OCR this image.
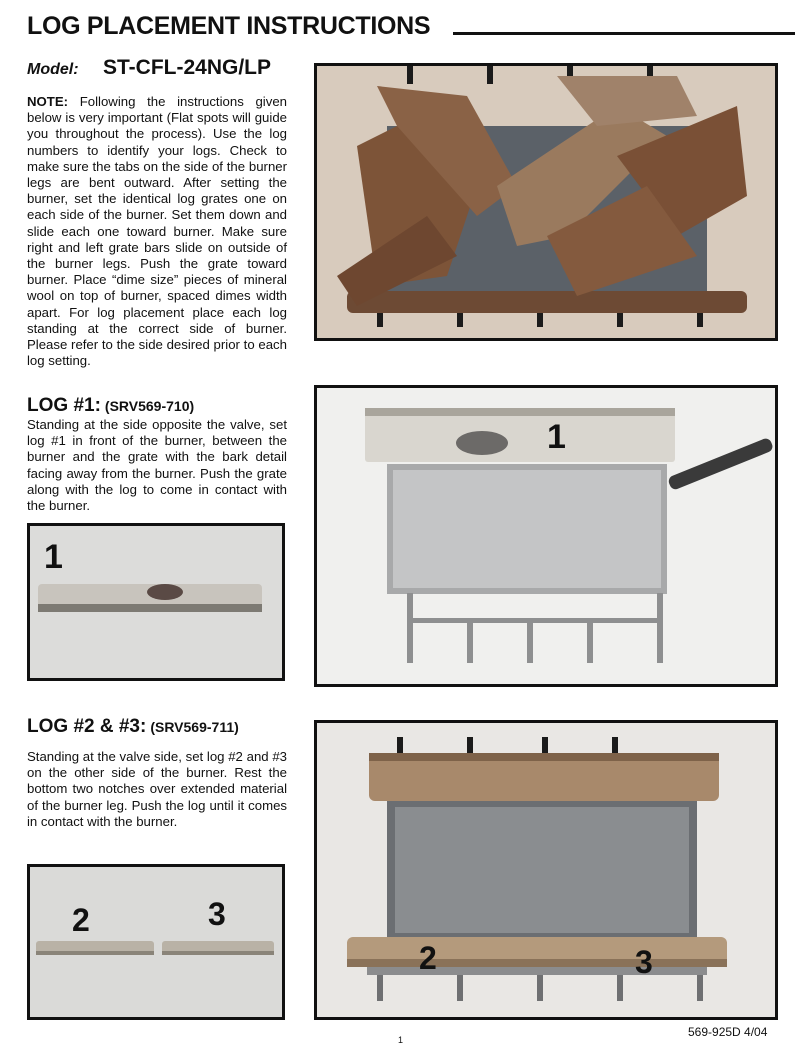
LOG PLACEMENT INSTRUCTIONS
Model: ST-CFL-24NG/LP

NOTE: Following the instructions given below is very important (Flat spots will guide you throughout the process). Use the log numbers to identify your logs. Check to make sure the tabs on the side of the burner legs are bent outward. After setting the burner, set the identical log grates one on each side of the burner. Set them down and slide each one toward burner. Make sure right and left grate bars slide on outside of the burner legs. Push the grate toward burner. Place “dime size” pieces of mineral wool on top of burner, spaced dimes width apart. For log placement place each log standing at the correct side of burner. Please refer to the side desired prior to each log setting.

LOG #1: (SRV569-710)

Standing at the side opposite the valve, set log #1 in front of the burner, between the burner and the grate with the bark detail facing away from the burner. Push the grate along with the log to come in contact with the burner.

1
1
LOG #2 & #3: (SRV569-711)

Standing at the valve side, set log #2 and #3 on the other side of the burner. Rest the bottom two notches over extended material of the burner leg. Push the log until it comes in contact with the burner.

2	3
2	3
569-925D 4/04
1
